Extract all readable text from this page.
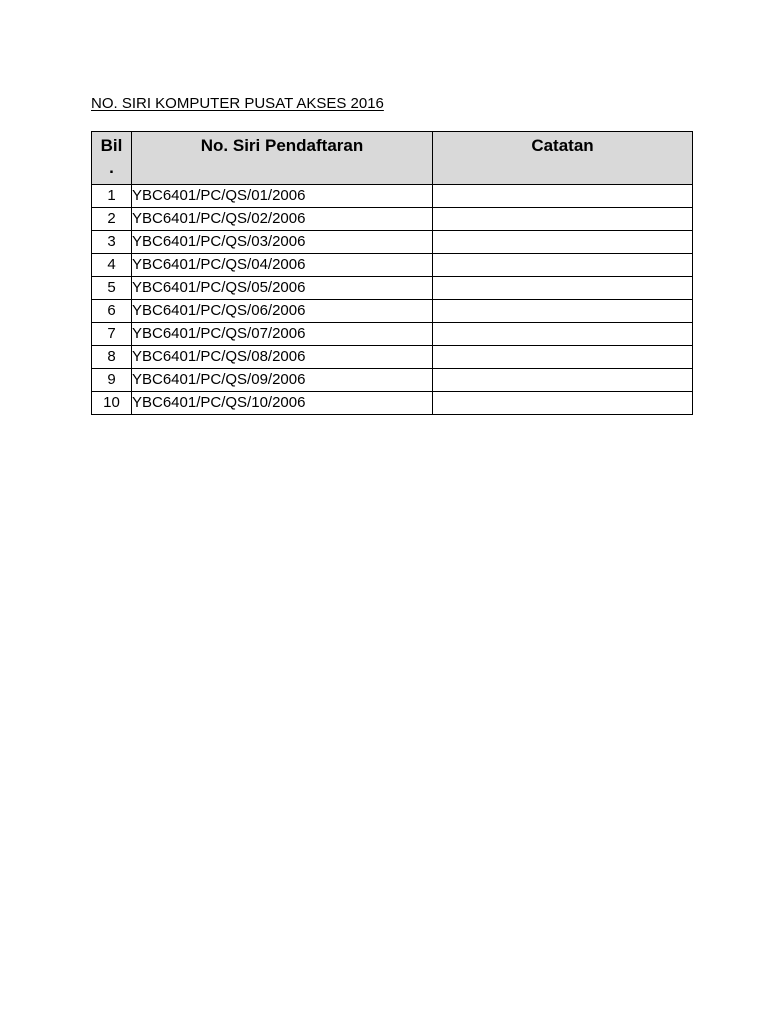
NO. SIRI KOMPUTER PUSAT AKSES 2016
Bil
.	No. Siri Pendaftaran	Catatan
1	YBC6401/PC/QS/01/2006	
2	YBC6401/PC/QS/02/2006	
3	YBC6401/PC/QS/03/2006	
4	YBC6401/PC/QS/04/2006	
5	YBC6401/PC/QS/05/2006	
6	YBC6401/PC/QS/06/2006	
7	YBC6401/PC/QS/07/2006	
8	YBC6401/PC/QS/08/2006	
9	YBC6401/PC/QS/09/2006	
10	YBC6401/PC/QS/10/2006	
